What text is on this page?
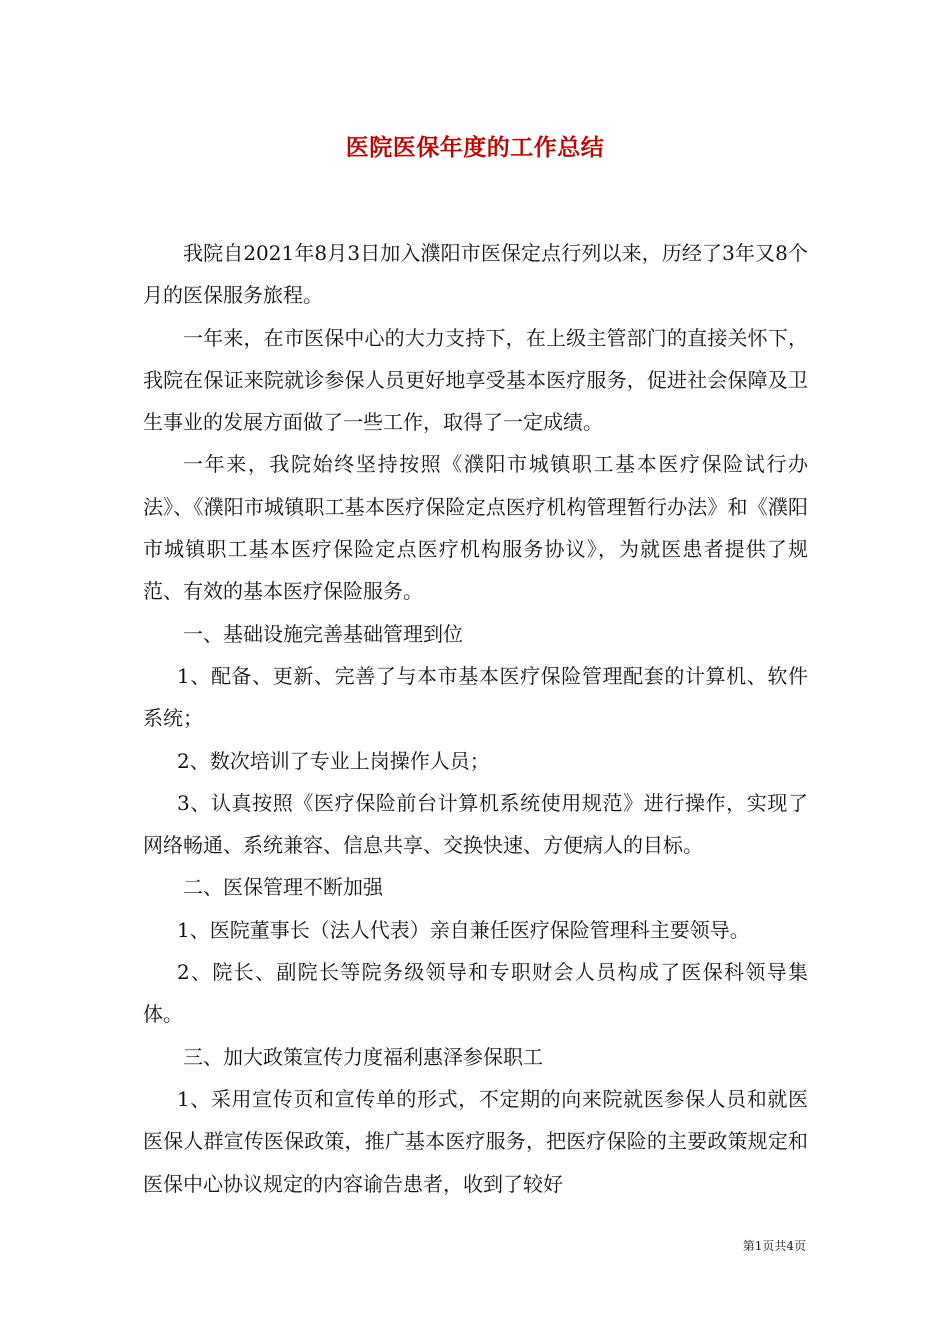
医院医保年度的工作总结

我院自2021年8月3日加入濮阳市医保定点行列以来，历经了3年又8个月的医保服务旅程。

一年来，在市医保中心的大力支持下，在上级主管部门的直接关怀下，我院在保证来院就诊参保人员更好地享受基本医疗服务，促进社会保障及卫生事业的发展方面做了一些工作，取得了一定成绩。

一年来，我院始终坚持按照《濮阳市城镇职工基本医疗保险试行办法》、《濮阳市城镇职工基本医疗保险定点医疗机构管理暂行办法》和《濮阳市城镇职工基本医疗保险定点医疗机构服务协议》，为就医患者提供了规范、有效的基本医疗保险服务。

一、基础设施完善基础管理到位

1、配备、更新、完善了与本市基本医疗保险管理配套的计算机、软件系统；

2、数次培训了专业上岗操作人员；

3、认真按照《医疗保险前台计算机系统使用规范》进行操作，实现了网络畅通、系统兼容、信息共享、交换快速、方便病人的目标。

二、医保管理不断加强

1、医院董事长（法人代表）亲自兼任医疗保险管理科主要领导。

2、院长、副院长等院务级领导和专职财会人员构成了医保科领导集体。

三、加大政策宣传力度福利惠泽参保职工

1、采用宣传页和宣传单的形式，不定期的向来院就医参保人员和就医医保人群宣传医保政策，推广基本医疗服务，把医疗保险的主要政策规定和医保中心协议规定的内容谕告患者，收到了较好

第1页共4页
